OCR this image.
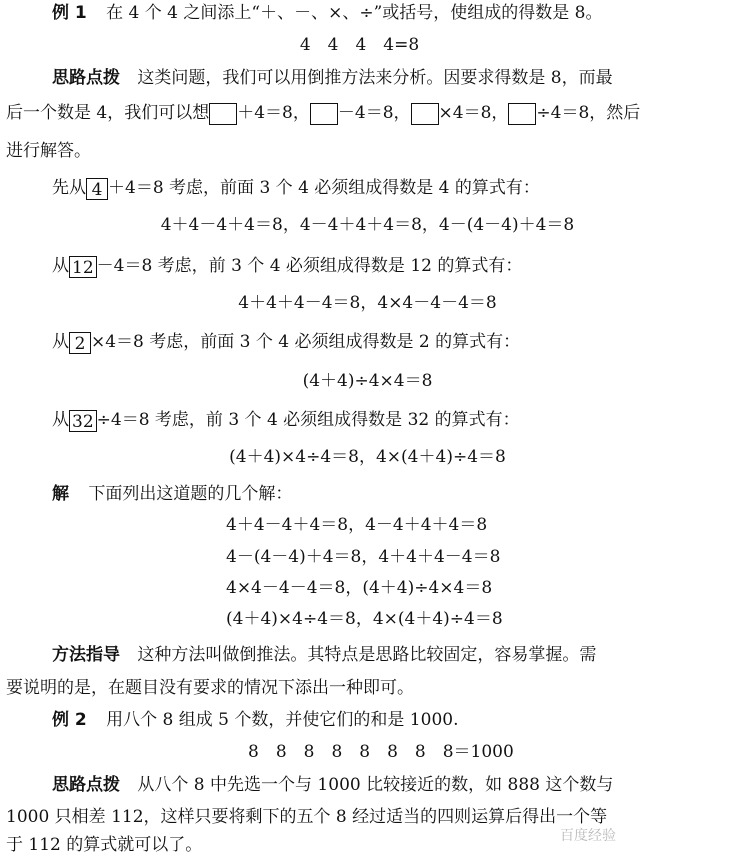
例 1 在 4 个 4 之间添上“＋、－、×、÷”或括号，使组成的得数是 8。
4　4　4　4=8
思路点拨 这类问题，我们可以用倒推方法来分析。因要求得数是 8，而最
后一个数是 4，我们可以想 ＋4＝8， －4＝8， ×4＝8， ÷4＝8，然后
进行解答。
先从 4 ＋4＝8 考虑，前面 3 个 4 必须组成得数是 4 的算式有：
4＋4－4＋4＝8，4－4＋4＋4＝8，4－(4－4)＋4＝8
从 12 －4＝8 考虑，前 3 个 4 必须组成得数是 12 的算式有：
4＋4＋4－4＝8，4×4－4－4＝8
从 2 ×4＝8 考虑，前面 3 个 4 必须组成得数是 2 的算式有：
(4＋4)÷4×4＝8
从 32 ÷4＝8 考虑，前 3 个 4 必须组成得数是 32 的算式有：
(4＋4)×4÷4＝8，4×(4＋4)÷4＝8
解 下面列出这道题的几个解：
4＋4－4＋4＝8，4－4＋4＋4＝8
4－(4－4)＋4＝8，4＋4＋4－4＝8
4×4－4－4＝8，(4＋4)÷4×4＝8
(4＋4)×4÷4＝8，4×(4＋4)÷4＝8
方法指导 这种方法叫做倒推法。其特点是思路比较固定，容易掌握。需
要说明的是，在题目没有要求的情况下添出一种即可。
例 2 用八个 8 组成 5 个数，并使它们的和是 1000.
8　8　8　8　8　8　8　8＝1000
思路点拨 从八个 8 中先选一个与 1000 比较接近的数，如 888 这个数与
1000 只相差 112，这样只要将剩下的五个 8 经过适当的四则运算后得出一个等
于 112 的算式就可以了。	百度经验
